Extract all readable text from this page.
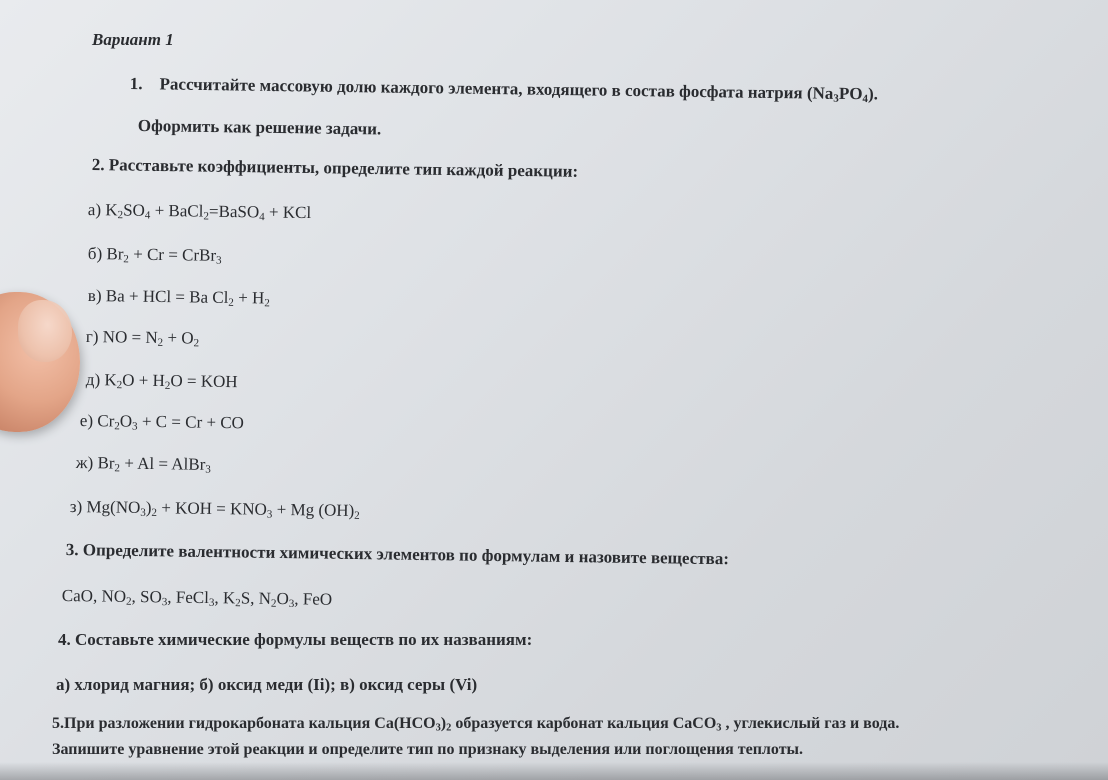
Вариант 1
1. Рассчитайте массовую долю каждого элемента, входящего в состав фосфата натрия $(Na_3PO_4)$.
Оформить как решение задачи.
2. Расставьте коэффициенты, определите тип каждой реакции:
а) $K_2SO_4$ + BaCl$_2$=BaSO$_4$ + KCl
б) $Br_2 + Cr$ = CrBr$_3$
в) Ba + HCl = Ba $Cl_2 + H_2$
г) NO = $N_2 + O_2$
д) $K_2O + H_2O$ = KOH
е) $Cr_2O_3 + C = Cr$ + CO
ж) $Br_2 + Al$ = AlBr$_3$
з) $Mg(NO_3)_2$ + KOH = $KNO_3 + Mg$ $(OH)_2$
3. Определите валентности химических элементов по формулам и назовите вещества:
CaO, $NO_2$, $SO_3$, FeCl$_3$, $K_2S$, $N_2O_3$, FeO
4. Составьте химические формулы веществ по их названиям:
а) хлорид магния; б) оксид меди (Ii); в) оксид серы (Vi)
5.При разложении гидрокарбоната кальция $Ca(HCO_3)_2$ образуется карбонат кальция CaCO$_3$ , углекислый газ и вода.
Запишите уравнение этой реакции и определите тип по признаку выделения или поглощения теплоты.
